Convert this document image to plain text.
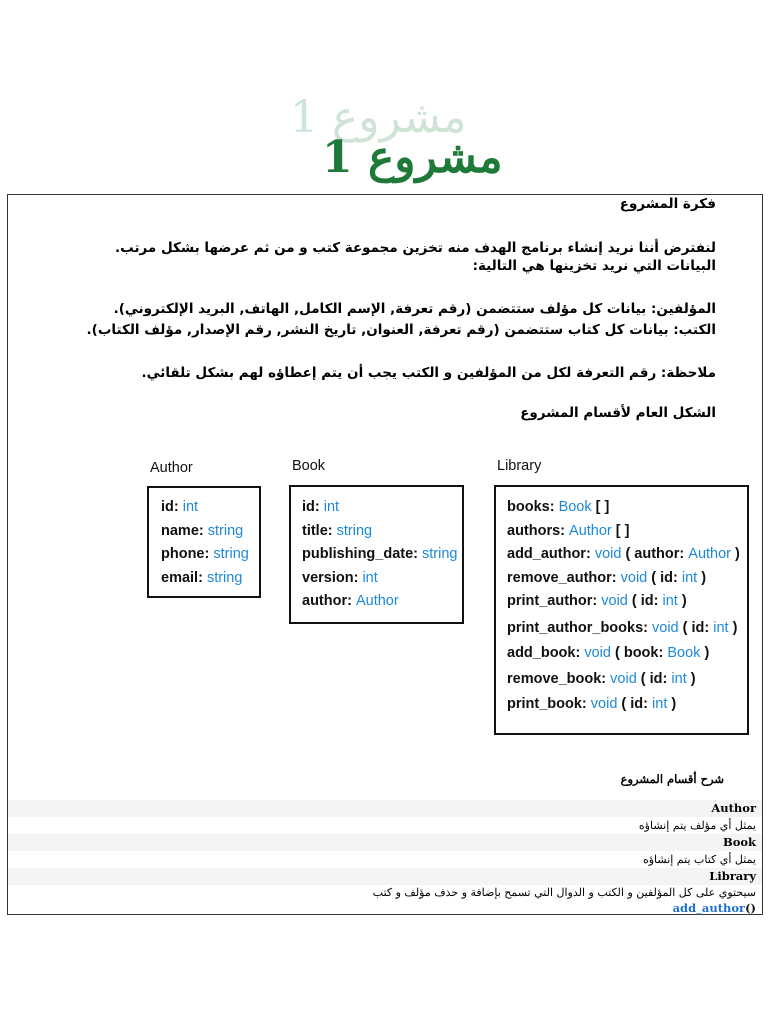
مشروع 1
مشروع 1
فكرة المشروع
لنفترض أننا نريد إنشاء برنامج الهدف منه تخزين مجموعة كتب و من ثم عرضها بشكل مرتب.
البيانات التي نريد تخزينها هي التالية:
المؤلفين: بيانات كل مؤلف ستتضمن (رقم تعرفة, الإسم الكامل, الهاتف, البريد الإلكتروني).
الكتب: بيانات كل كتاب ستتضمن (رقم تعرفة, العنوان, تاريخ النشر, رقم الإصدار, مؤلف الكتاب).
ملاحظة: رقم التعرفة لكل من المؤلفين و الكتب يجب أن يتم إعطاؤه لهم بشكل تلقائي.
الشكل العام لأقسام المشروع
Author
id: int
name: string
phone: string
email: string
Book
id: int
title: string
publishing_date: string
version: int
author: Author
Library
books: Book [ ]
authors: Author [ ]
add_author: void ( author: Author )
remove_author: void ( id: int )
print_author: void ( id: int )
print_author_books: void ( id: int )
add_book: void ( book: Book )
remove_book: void ( id: int )
print_book: void ( id: int )
شرح أقسام المشروع
Author
يمثل أي مؤلف يتم إنشاؤه
Book
يمثل أي كتاب يتم إنشاؤه
Library
سيحتوي على كل المؤلفين و الكتب و الدوال التي تسمح بإضافة و حذف مؤلف و كتب
add_author()
